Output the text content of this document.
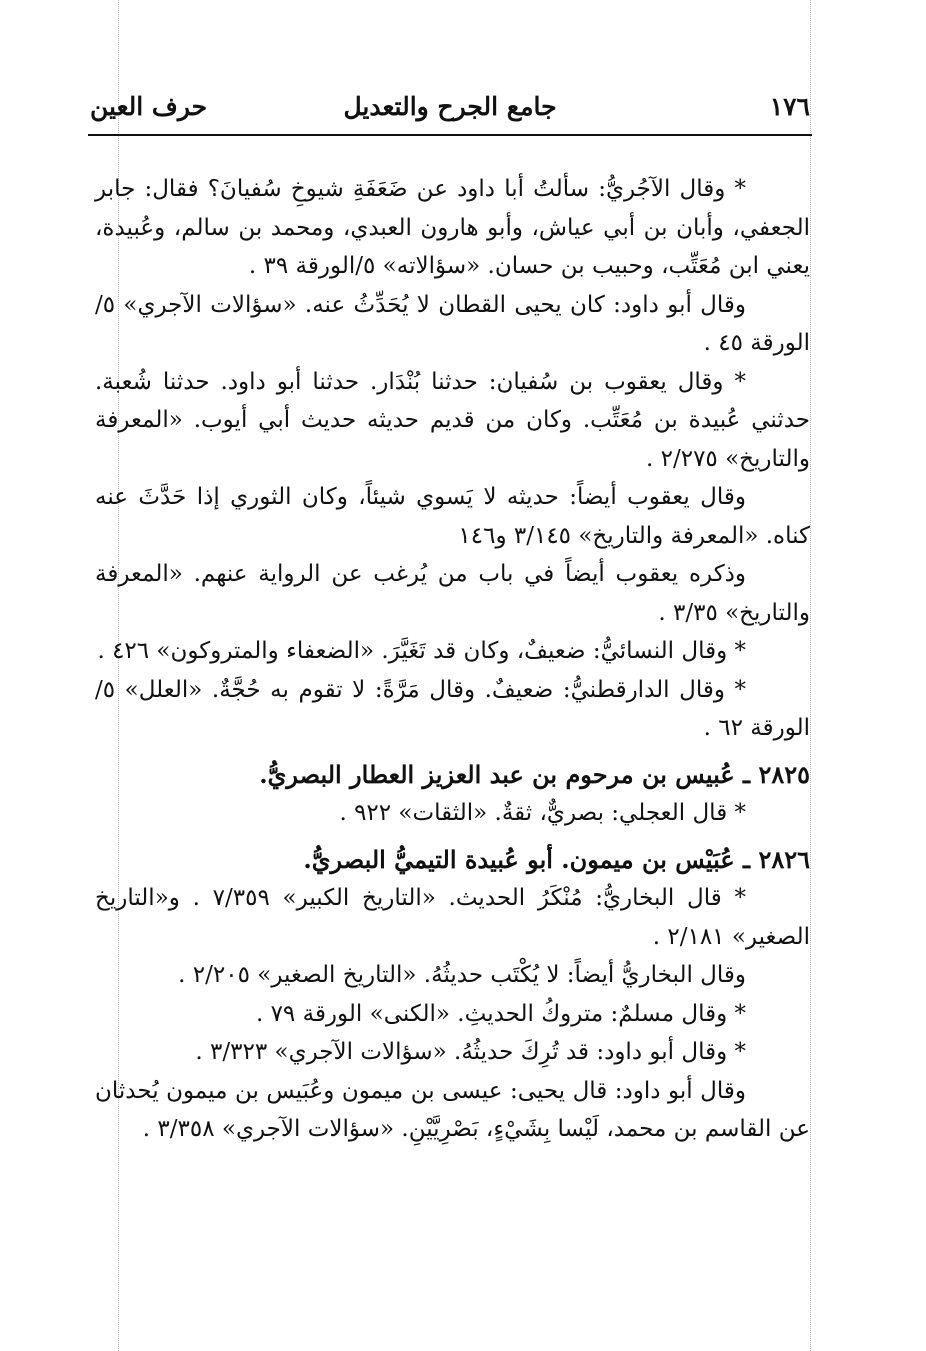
١٧٦
جامع الجرح والتعديل
حرف العين

* وقال الآجُريُّ: سألتُ أبا داود عن ضَعَفَةِ شيوخِ سُفيانَ؟ فقال: جابر الجعفي، وأبان بن أبي عياش، وأبو هارون العبدي، ومحمد بن سالم، وعُبيدة، يعني ابن مُعَتِّب، وحبيب بن حسان. «سؤالاته» ٥/الورقة ٣٩ .

وقال أبو داود: كان يحيى القطان لا يُحَدِّثُ عنه. «سؤالات الآجري» ٥/الورقة ٤٥ .

* وقال يعقوب بن سُفيان: حدثنا بُنْدَار. حدثنا أبو داود. حدثنا شُعبة. حدثني عُبيدة بن مُعَتِّب. وكان من قديم حديثه حديث أبي أيوب. «المعرفة والتاريخ» ٢/٢٧٥ .

وقال يعقوب أيضاً: حديثه لا يَسوي شيئاً، وكان الثوري إذا حَدَّثَ عنه كناه. «المعرفة والتاريخ» ٣/١٤٥ و١٤٦

وذكره يعقوب أيضاً في باب من يُرغب عن الرواية عنهم. «المعرفة والتاريخ» ٣/٣٥ .

* وقال النسائيُّ: ضعيفٌ، وكان قد تَغَيَّرَ. «الضعفاء والمتروكون» ٤٢٦ .

* وقال الدارقطنيُّ: ضعيفٌ. وقال مَرَّةً: لا تقوم به حُجَّةٌ. «العلل» ٥/الورقة ٦٢ .

٢٨٢٥ ـ عُبيس بن مرحوم بن عبد العزيز العطار البصريُّ.

* قال العجلي: بصريٌّ، ثقةٌ. «الثقات» ٩٢٢ .

٢٨٢٦ ـ عُبَيْس بن ميمون. أبو عُبيدة التيميُّ البصريُّ.

* قال البخاريُّ: مُنْكَرُ الحديث. «التاريخ الكبير» ٧/٣٥٩ . و«التاريخ الصغير» ٢/١٨١ .

وقال البخاريُّ أيضاً: لا يُكْتَب حديثُهُ. «التاريخ الصغير» ٢/٢٠٥ .

* وقال مسلمٌ: متروكُ الحديثِ. «الكنى» الورقة ٧٩ .

* وقال أبو داود: قد تُرِكَ حديثُهُ. «سؤالات الآجري» ٣/٣٢٣ .

وقال أبو داود: قال يحيى: عيسى بن ميمون وعُبَيس بن ميمون يُحدثان عن القاسم بن محمد، لَيْسا بِشَيْءٍ، بَصْرِيَّيْنِ. «سؤالات الآجري» ٣/٣٥٨ .
